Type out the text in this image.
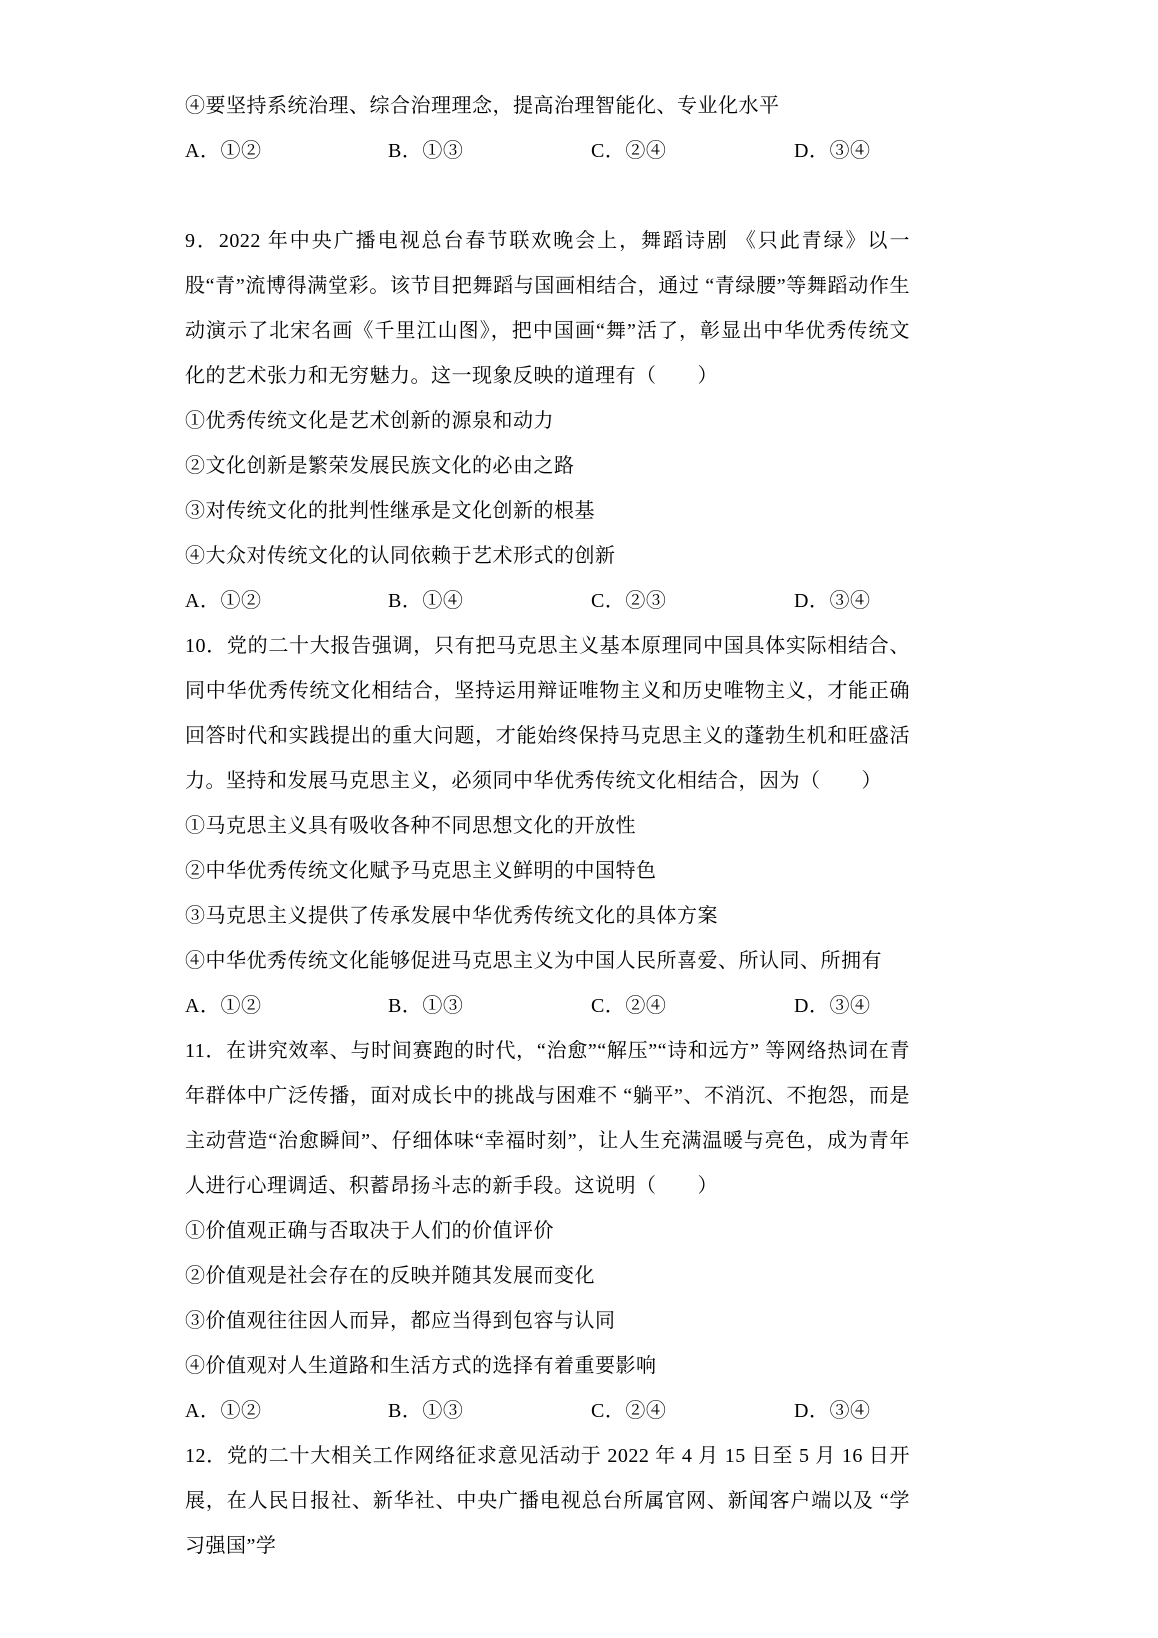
④要坚持系统治理、综合治理理念，提高治理智能化、专业化水平

A．①②	B．①③	C．②④	D．③④

9．2022 年中央广播电视总台春节联欢晚会上，舞蹈诗剧 《只此青绿》以一股“青”流博得满堂彩。该节目把舞蹈与国画相结合，通过 “青绿腰”等舞蹈动作生动演示了北宋名画《千里江山图》，把中国画“舞”活了，彰显出中华优秀传统文化的艺术张力和无穷魅力。这一现象反映的道理有（　　）

①优秀传统文化是艺术创新的源泉和动力

②文化创新是繁荣发展民族文化的必由之路

③对传统文化的批判性继承是文化创新的根基

④大众对传统文化的认同依赖于艺术形式的创新

A．①②	B．①④	C．②③	D．③④

10．党的二十大报告强调，只有把马克思主义基本原理同中国具体实际相结合、同中华优秀传统文化相结合，坚持运用辩证唯物主义和历史唯物主义，才能正确回答时代和实践提出的重大问题，才能始终保持马克思主义的蓬勃生机和旺盛活力。坚持和发展马克思主义，必须同中华优秀传统文化相结合，因为（　　）

①马克思主义具有吸收各种不同思想文化的开放性

②中华优秀传统文化赋予马克思主义鲜明的中国特色

③马克思主义提供了传承发展中华优秀传统文化的具体方案

④中华优秀传统文化能够促进马克思主义为中国人民所喜爱、所认同、所拥有

A．①②	B．①③	C．②④	D．③④

11．在讲究效率、与时间赛跑的时代，“治愈”“解压”“诗和远方” 等网络热词在青年群体中广泛传播，面对成长中的挑战与困难不 “躺平”、不消沉、不抱怨，而是主动营造“治愈瞬间”、仔细体味“幸福时刻”，让人生充满温暖与亮色，成为青年人进行心理调适、积蓄昂扬斗志的新手段。这说明（　　）

①价值观正确与否取决于人们的价值评价

②价值观是社会存在的反映并随其发展而变化

③价值观往往因人而异，都应当得到包容与认同

④价值观对人生道路和生活方式的选择有着重要影响

A．①②	B．①③	C．②④	D．③④

12．党的二十大相关工作网络征求意见活动于 2022 年 4 月 15 日至 5 月 16 日开展，在人民日报社、新华社、中央广播电视总台所属官网、新闻客户端以及 “学习强国”学
